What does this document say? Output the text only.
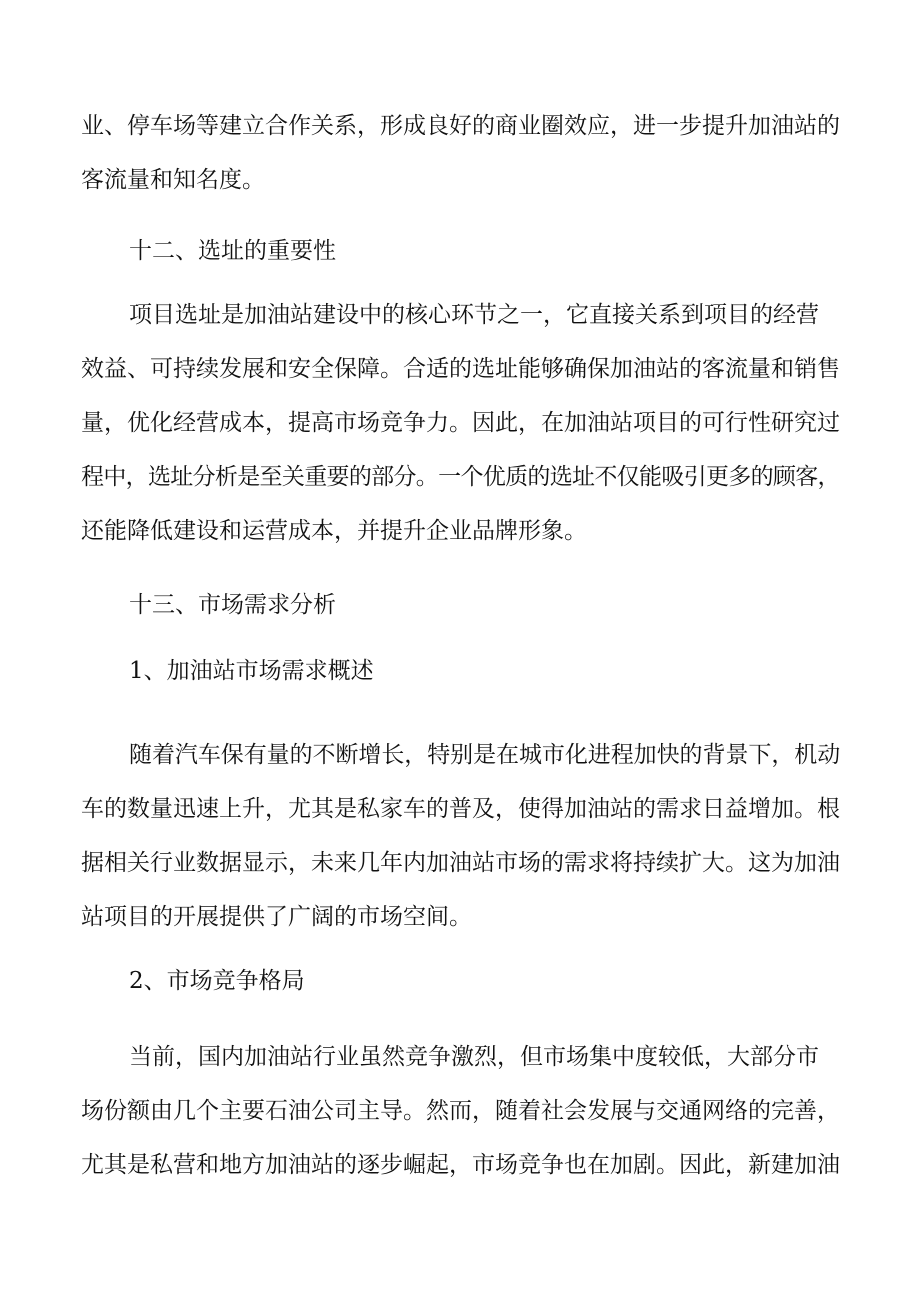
业、停车场等建立合作关系，形成良好的商业圈效应，进一步提升加油站的

客流量和知名度。

十二、选址的重要性

项目选址是加油站建设中的核心环节之一，它直接关系到项目的经营

效益、可持续发展和安全保障。合适的选址能够确保加油站的客流量和销售

量，优化经营成本，提高市场竞争力。因此，在加油站项目的可行性研究过

程中，选址分析是至关重要的部分。一个优质的选址不仅能吸引更多的顾客，

还能降低建设和运营成本，并提升企业品牌形象。

十三、市场需求分析
1、加油站市场需求概述

随着汽车保有量的不断增长，特别是在城市化进程加快的背景下，机动

车的数量迅速上升，尤其是私家车的普及，使得加油站的需求日益增加。根

据相关行业数据显示，未来几年内加油站市场的需求将持续扩大。这为加油

站项目的开展提供了广阔的市场空间。

2、市场竞争格局

当前，国内加油站行业虽然竞争激烈，但市场集中度较低，大部分市

场份额由几个主要石油公司主导。然而，随着社会发展与交通网络的完善，

尤其是私营和地方加油站的逐步崛起，市场竞争也在加剧。因此，新建加油
